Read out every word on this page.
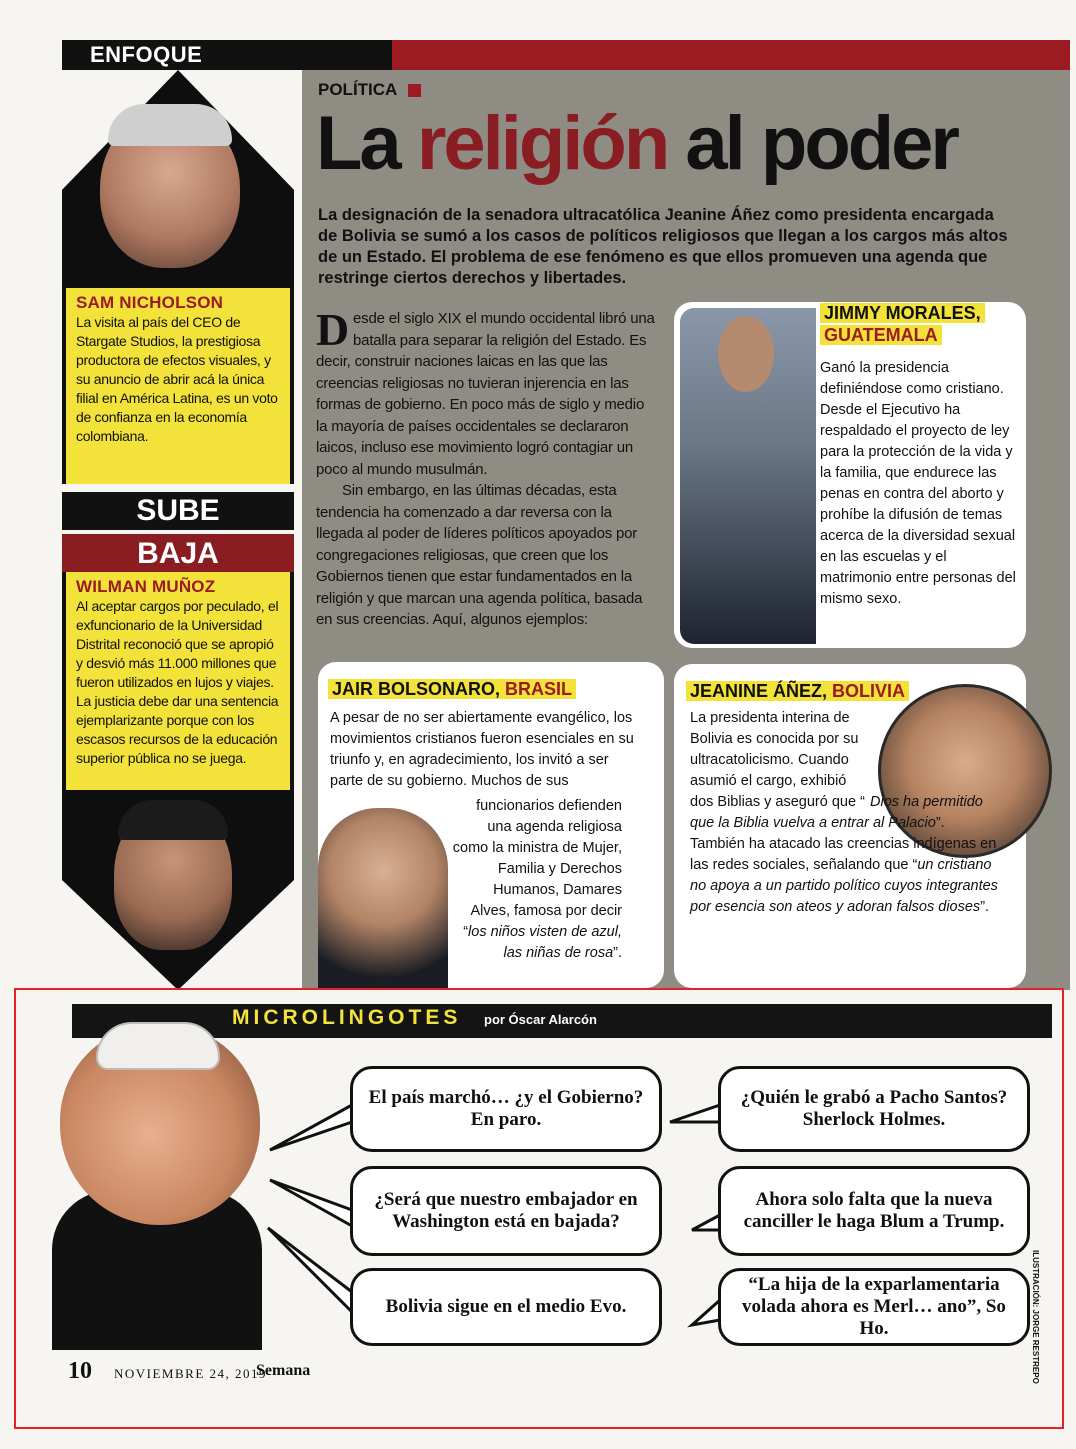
ENFOQUE
SAM NICHOLSON
La visita al país del CEO de Stargate Studios, la prestigiosa productora de efectos visuales, y su anuncio de abrir acá la única filial en América Latina, es un voto de confianza en la economía colombiana.
SUBE
BAJA
WILMAN MUÑOZ
Al aceptar cargos por peculado, el exfuncionario de la Universidad Distrital reconoció que se apropió y desvió más 11.000 millones que fueron utilizados en lujos y viajes. La justicia debe dar una sentencia ejemplarizante porque con los escasos recursos de la educación superior pública no se juega.
POLÍTICA
La religión al poder
La designación de la senadora ultracatólica Jeanine Áñez como presidenta encargada de Bolivia se sumó a los casos de políticos religiosos que llegan a los cargos más altos de un Estado. El problema de ese fenómeno es que ellos promueven una agenda que restringe ciertos derechos y libertades.
D esde el siglo XIX el mundo occidental libró una batalla para separar la religión del Estado. Es decir, construir naciones laicas en las que las creencias religiosas no tuvieran injerencia en las formas de gobierno. En poco más de siglo y medio la mayoría de países occidentales se declararon laicos, incluso ese movimiento logró contagiar un poco al mundo musulmán.

Sin embargo, en las últimas décadas, esta tendencia ha comenzado a dar reversa con la llegada al poder de líderes políticos apoyados por congregaciones religiosas, que creen que los Gobiernos tienen que estar fundamentados en la religión y que marcan una agenda política, basada en sus creencias. Aquí, algunos ejemplos:

JIMMY MORALES,
GUATEMALA
Ganó la presidencia definiéndose como cristiano. Desde el Ejecutivo ha respaldado el proyecto de ley para la protección de la vida y la familia, que endurece las penas en contra del aborto y prohíbe la difusión de temas acerca de la diversidad sexual en las escuelas y el matrimonio entre personas del mismo sexo.
JAIR BOLSONARO, BRASIL
A pesar de no ser abiertamente evangélico, los movimientos cristianos fueron esenciales en su triunfo y, en agradecimiento, los invitó a ser parte de su gobierno. Muchos de sus
funcionarios defienden una agenda religiosa como la ministra de Mujer, Familia y Derechos Humanos, Damares Alves, famosa por decir “los niños visten de azul, las niñas de rosa”.
JEANINE ÁÑEZ, BOLIVIA
La presidenta interina de Bolivia es conocida por su ultracatolicismo. Cuando asumió el cargo, exhibió dos Biblias y aseguró que “ Dios ha permitido que la Biblia vuelva a entrar al Palacio”. También ha atacado las creencias indígenas en las redes sociales, señalando que “un cristiano no apoya a un partido político cuyos integrantes por esencia son ateos y adoran falsos dioses”.
MICROLINGOTES por Óscar Alarcón
El país marchó… ¿y el Gobierno? En paro.
¿Será que nuestro embajador en Washington está en bajada?
Bolivia sigue en el medio Evo.
¿Quién le grabó a Pacho Santos? Sherlock Holmes.
Ahora solo falta que la nueva canciller le haga Blum a Trump.
“La hija de la exparlamentaria volada ahora es Merl… ano”, So Ho.	ILUSTRACIÓN: JORGE RESTREPO
10 NOVIEMBRE 24, 2019
Semana
